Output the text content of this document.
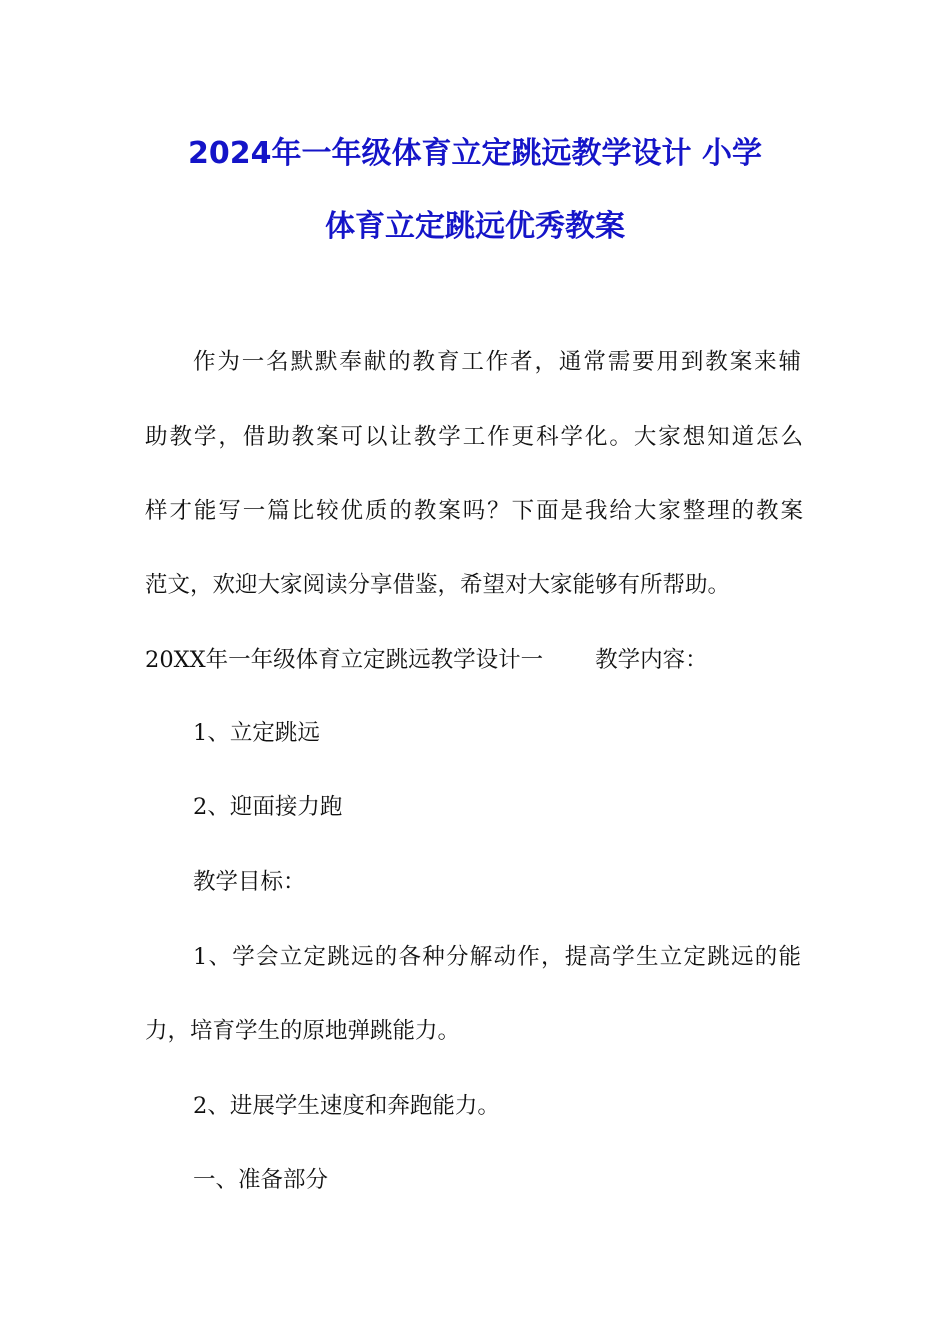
2024年一年级体育立定跳远教学设计 小学
体育立定跳远优秀教案
作为一名默默奉献的教育工作者，通常需要用到教案来辅
助教学，借助教案可以让教学工作更科学化。大家想知道怎么
样才能写一篇比较优质的教案吗？下面是我给大家整理的教案
范文，欢迎大家阅读分享借鉴，希望对大家能够有所帮助。
20XX年一年级体育立定跳远教学设计一 教学内容：
1、立定跳远
2、迎面接力跑
教学目标：
1、学会立定跳远的各种分解动作，提高学生立定跳远的能
力，培育学生的原地弹跳能力。
2、进展学生速度和奔跑能力。
一、准备部分
